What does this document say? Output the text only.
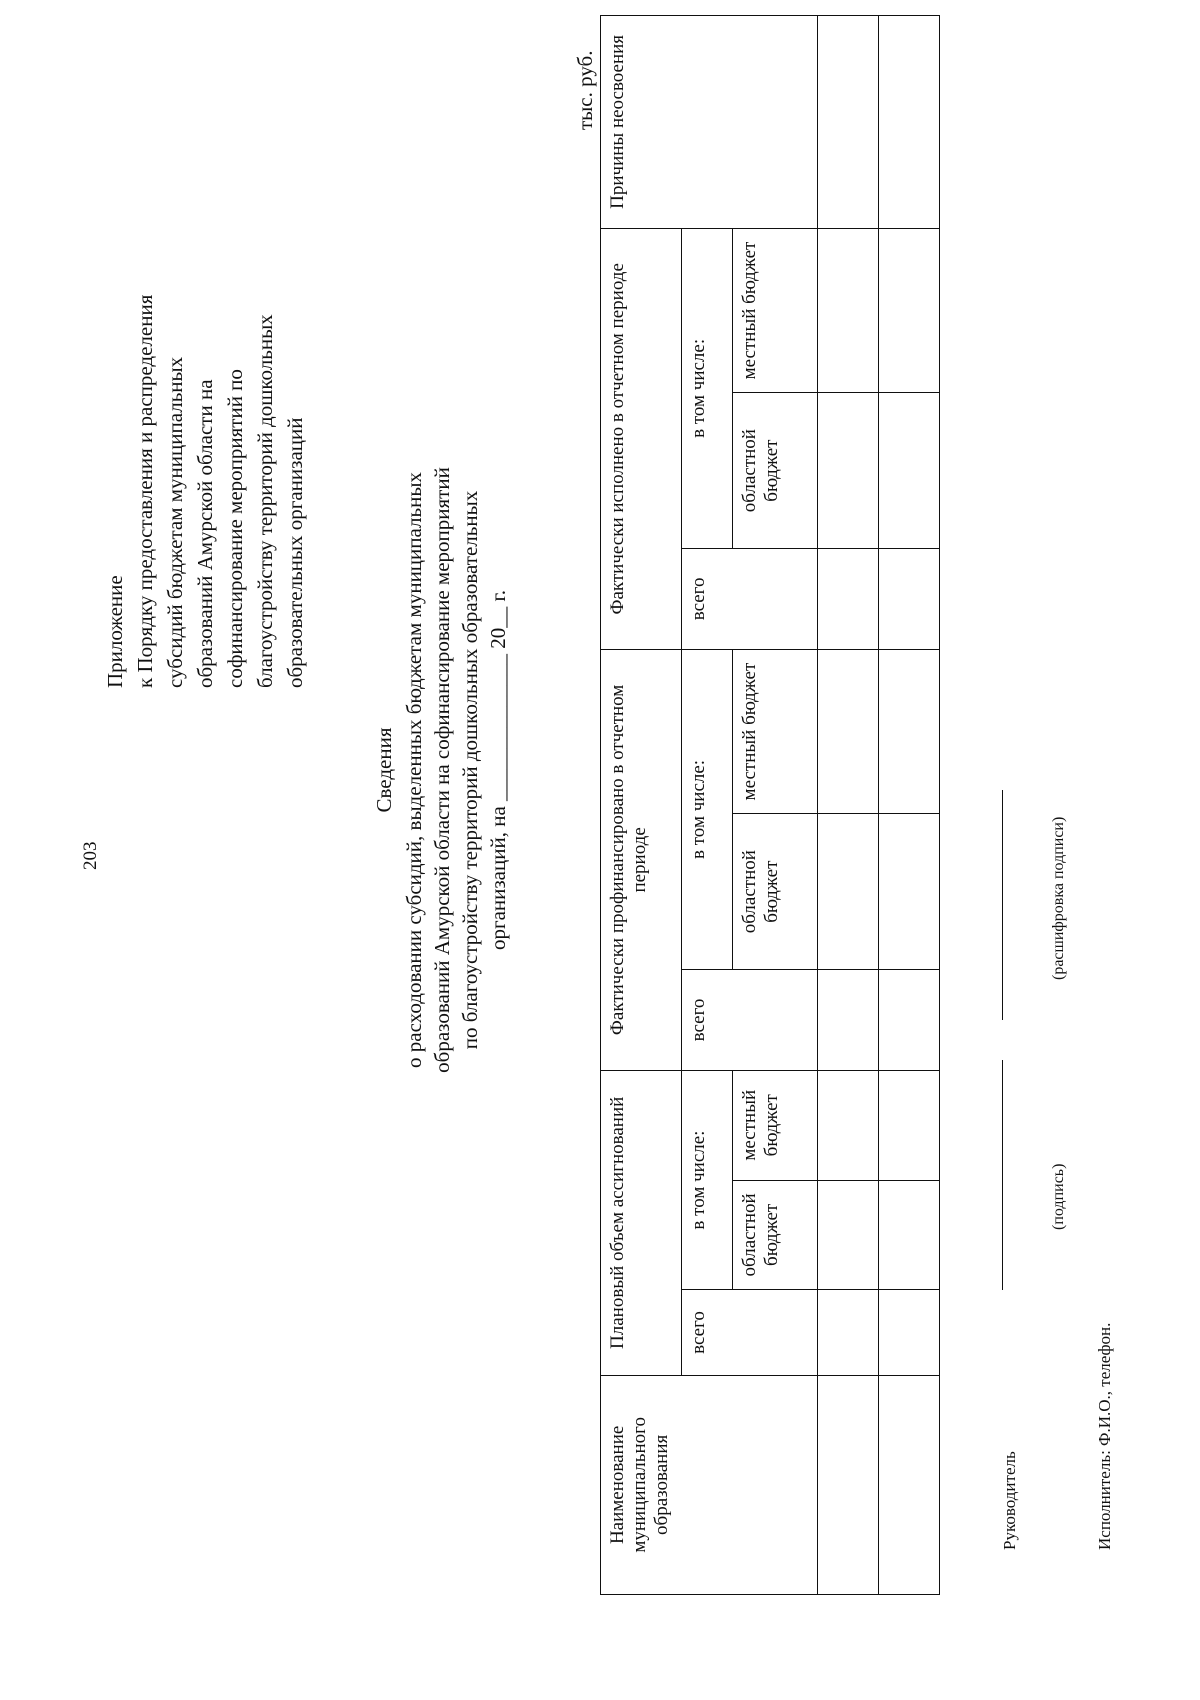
203
Приложение
к Порядку предоставления и распределения
субсидий бюджетам муниципальных
образований Амурской области на
софинансирование мероприятий по
благоустройству территорий дошкольных
образовательных организаций
Сведения
о расходовании субсидий, выделенных бюджетам муниципальных
образований Амурской области на софинансирование мероприятий
по благоустройству территорий дошкольных образовательных
организаций, на ______________ 20__ г.
тыс. руб.
Наименование муниципального образования	Плановый объем ассигнований			Фактически профинансировано в отчетном периоде			Фактически исполнено в отчетном периоде			Причины неосвоения
	всего	в том числе:		всего	в том числе:		всего	в том числе:		
		областной бюджет	местный бюджет		областной бюджет	местный бюджет		областной бюджет	местный бюджет	

Руководитель
(подпись)
(расшифровка подписи)
Исполнитель: Ф.И.О., телефон.
